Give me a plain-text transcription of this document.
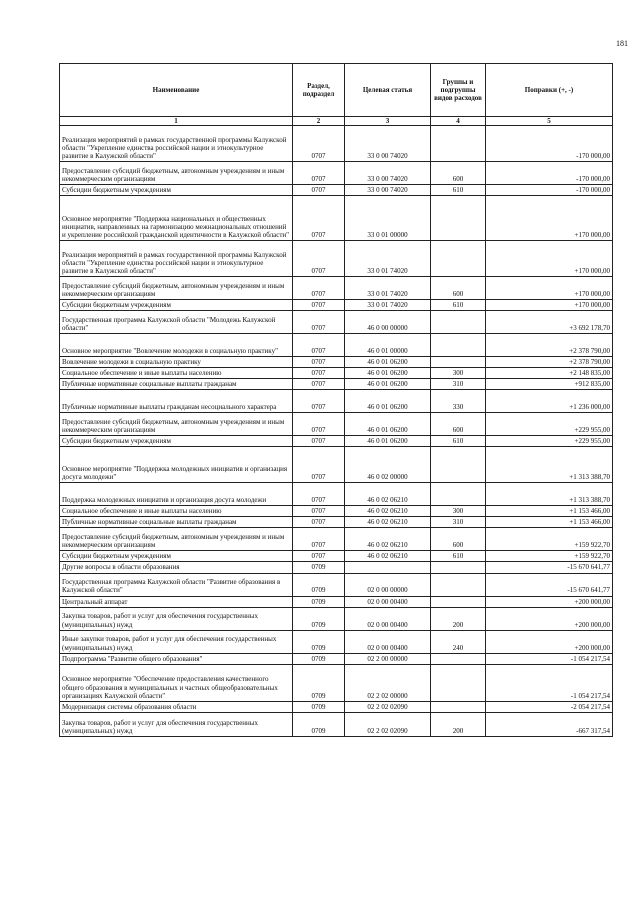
181
Наименование	Раздел, подраздел	Целевая статья	Группы и подгруппы видов расходов	Поправки (+, -)
1	2	3	4	5
Реализация мероприятий в рамках государственной программы Калужской области "Укрепление единства российской нации и этнокультурное развитие в Калужской области"	0707	33 0 00 74020		-170 000,00
Предоставление субсидий бюджетным, автономным учреждениям и иным некоммерческим организациям	0707	33 0 00 74020	600	-170 000,00
Субсидии бюджетным учреждениям	0707	33 0 00 74020	610	-170 000,00
Основное мероприятие "Поддержка национальных и общественных инициатив, направленных на гармонизацию межнациональных отношений и укрепление российской гражданской идентичности в Калужской области"	0707	33 0 01 00000		+170 000,00
Реализация мероприятий в рамках государственной программы Калужской области "Укрепление единства российской нации и этнокультурное развитие в Калужской области"	0707	33 0 01 74020		+170 000,00
Предоставление субсидий бюджетным, автономным учреждениям и иным некоммерческим организациям	0707	33 0 01 74020	600	+170 000,00
Субсидии бюджетным учреждениям	0707	33 0 01 74020	610	+170 000,00
Государственная программа Калужской области "Молодежь Калужской области"	0707	46 0 00 00000		+3 692 178,70
Основное мероприятие "Вовлечение молодежи в социальную практику"	0707	46 0 01 00000		+2 378 790,00
Вовлечение молодежи в социальную практику	0707	46 0 01 06200		+2 378 790,00
Социальное обеспечение и иные выплаты населению	0707	46 0 01 06200	300	+2 148 835,00
Публичные нормативные социальные выплаты гражданам	0707	46 0 01 06200	310	+912 835,00
Публичные нормативные выплаты гражданам несоциального характера	0707	46 0 01 06200	330	+1 236 000,00
Предоставление субсидий бюджетным, автономным учреждениям и иным некоммерческим организациям	0707	46 0 01 06200	600	+229 955,00
Субсидии бюджетным учреждениям	0707	46 0 01 06200	610	+229 955,00
Основное мероприятие "Поддержка молодежных инициатив и организация досуга молодежи"	0707	46 0 02 00000		+1 313 388,70
Поддержка молодежных инициатив и организация досуга молодежи	0707	46 0 02 06210		+1 313 388,70
Социальное обеспечение и иные выплаты населению	0707	46 0 02 06210	300	+1 153 466,00
Публичные нормативные социальные выплаты гражданам	0707	46 0 02 06210	310	+1 153 466,00
Предоставление субсидий бюджетным, автономным учреждениям и иным некоммерческим организациям	0707	46 0 02 06210	600	+159 922,70
Субсидии бюджетным учреждениям	0707	46 0 02 06210	610	+159 922,70
Другие вопросы в области образования	0709			-15 670 641,77
Государственная программа Калужской области "Развитие образования в Калужской области"	0709	02 0 00 00000		-15 670 641,77
Центральный аппарат	0709	02 0 00 00400		+200 000,00
Закупка товаров, работ и услуг для обеспечения государственных (муниципальных) нужд	0709	02 0 00 00400	200	+200 000,00
Иные закупки товаров, работ и услуг для обеспечения государственных (муниципальных) нужд	0709	02 0 00 00400	240	+200 000,00
Подпрограмма "Развитие общего образования"	0709	02 2 00 00000		-1 054 217,54
Основное мероприятие "Обеспечение предоставления качественного общего образования в муниципальных и частных общеобразовательных организациях Калужской области"	0709	02 2 02 00000		-1 054 217,54
Модернизация системы образования области	0709	02 2 02 02090		-2 054 217,54
Закупка товаров, работ и услуг для обеспечения государственных (муниципальных) нужд	0709	02 2 02 02090	200	-667 317,54
